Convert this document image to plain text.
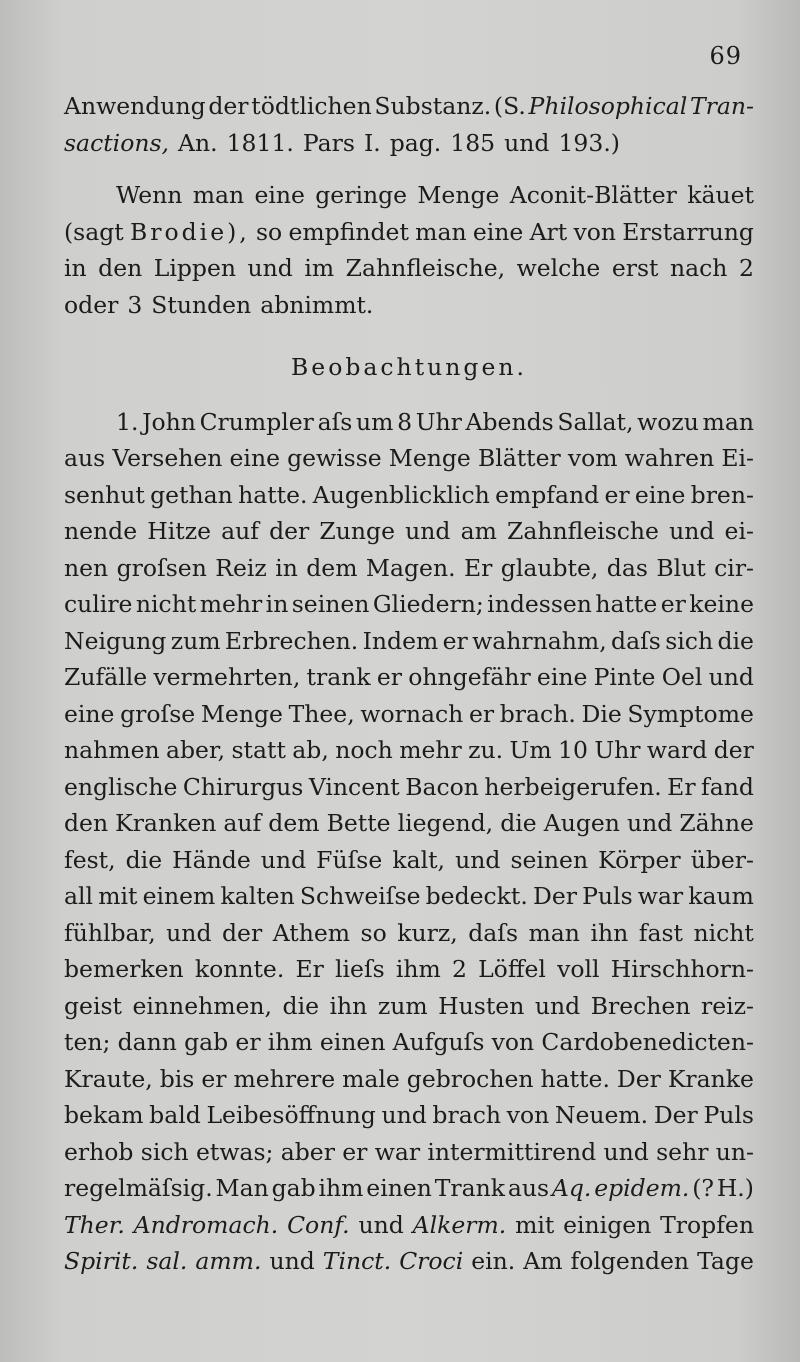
69
Anwendung der tödtlichen Substanz. (S. Philosophical Tran-
sactions, An. 1811. Pars I. pag. 185 und 193.)
Wenn man eine geringe Menge Aconit-Blätter käuet
(sagt Brodie), so empfindet man eine Art von Erstarrung
in den Lippen und im Zahnfleische, welche erst nach 2
oder 3 Stunden abnimmt.
Beobachtungen.
1. John Crumpler aſs um 8 Uhr Abends Sallat, wozu man
aus Versehen eine gewisse Menge Blätter vom wahren Ei-
senhut gethan hatte. Augenblicklich empfand er eine bren-
nende Hitze auf der Zunge und am Zahnfleische und ei-
nen groſsen Reiz in dem Magen. Er glaubte, das Blut cir-
culire nicht mehr in seinen Gliedern; indessen hatte er keine
Neigung zum Erbrechen. Indem er wahrnahm, daſs sich die
Zufälle vermehrten, trank er ohngefähr eine Pinte Oel und
eine groſse Menge Thee, wornach er brach. Die Symptome
nahmen aber, statt ab, noch mehr zu. Um 10 Uhr ward der
englische Chirurgus Vincent Bacon herbeigerufen. Er fand
den Kranken auf dem Bette liegend, die Augen und Zähne
fest, die Hände und Füſse kalt, und seinen Körper über-
all mit einem kalten Schweiſse bedeckt. Der Puls war kaum
fühlbar, und der Athem so kurz, daſs man ihn fast nicht
bemerken konnte. Er lieſs ihm 2 Löffel voll Hirschhorn-
geist einnehmen, die ihn zum Husten und Brechen reiz-
ten; dann gab er ihm einen Aufguſs von Cardobenedicten-
Kraute, bis er mehrere male gebrochen hatte. Der Kranke
bekam bald Leibesöffnung und brach von Neuem. Der Puls
erhob sich etwas; aber er war intermittirend und sehr un-
regelmäſsig. Man gab ihm einen Trank aus Aq. epidem. (? H.)
Ther. Andromach. Conf. und Alkerm. mit einigen Tropfen
Spirit. sal. amm. und Tinct. Croci ein. Am folgenden Tage
